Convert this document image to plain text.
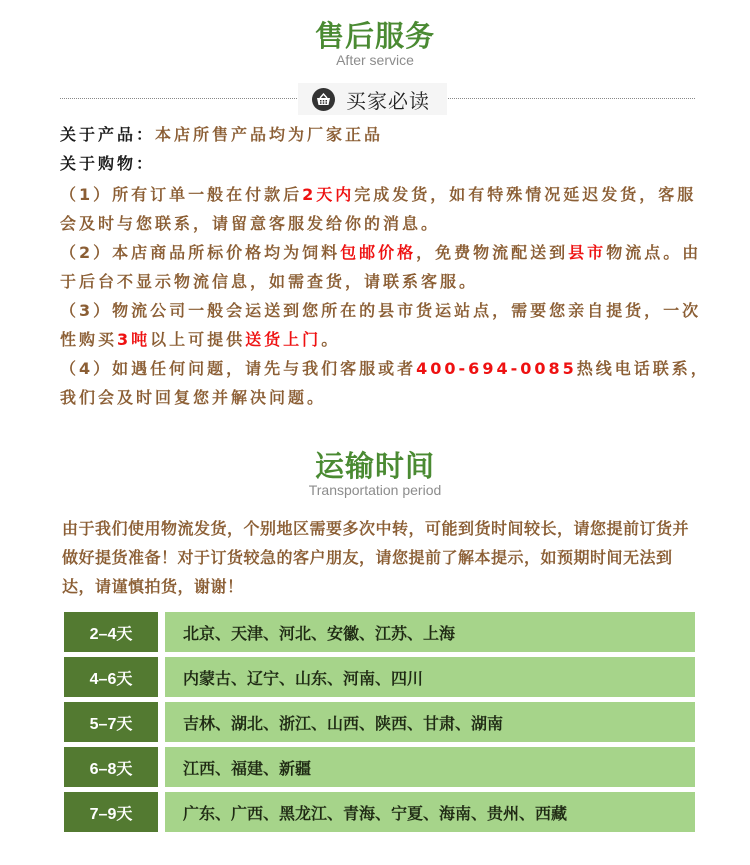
售后服务
After service
买家必读
关于产品：本店所售产品均为厂家正品
关于购物：
（1）所有订单一般在付款后2天内完成发货，如有特殊情况延迟发货，客服会及时与您联系，请留意客服发给你的消息。
（2）本店商品所标价格均为饲料包邮价格，免费物流配送到县市物流点。由于后台不显示物流信息，如需查货，请联系客服。
（3）物流公司一般会运送到您所在的县市货运站点，需要您亲自提货，一次性购买3吨以上可提供送货上门。
（4）如遇任何问题，请先与我们客服或者400-694-0085热线电话联系，我们会及时回复您并解决问题。
运输时间
Transportation period
由于我们使用物流发货，个别地区需要多次中转，可能到货时间较长，请您提前订货并做好提货准备！对于订货较急的客户朋友，请您提前了解本提示，如预期时间无法到达，请谨慎拍货，谢谢！
2–4天	北京、天津、河北、安徽、江苏、上海
4–6天	内蒙古、辽宁、山东、河南、四川
5–7天	吉林、湖北、浙江、山西、陕西、甘肃、湖南
6–8天	江西、福建、新疆
7–9天	广东、广西、黑龙江、青海、宁夏、海南、贵州、西藏
